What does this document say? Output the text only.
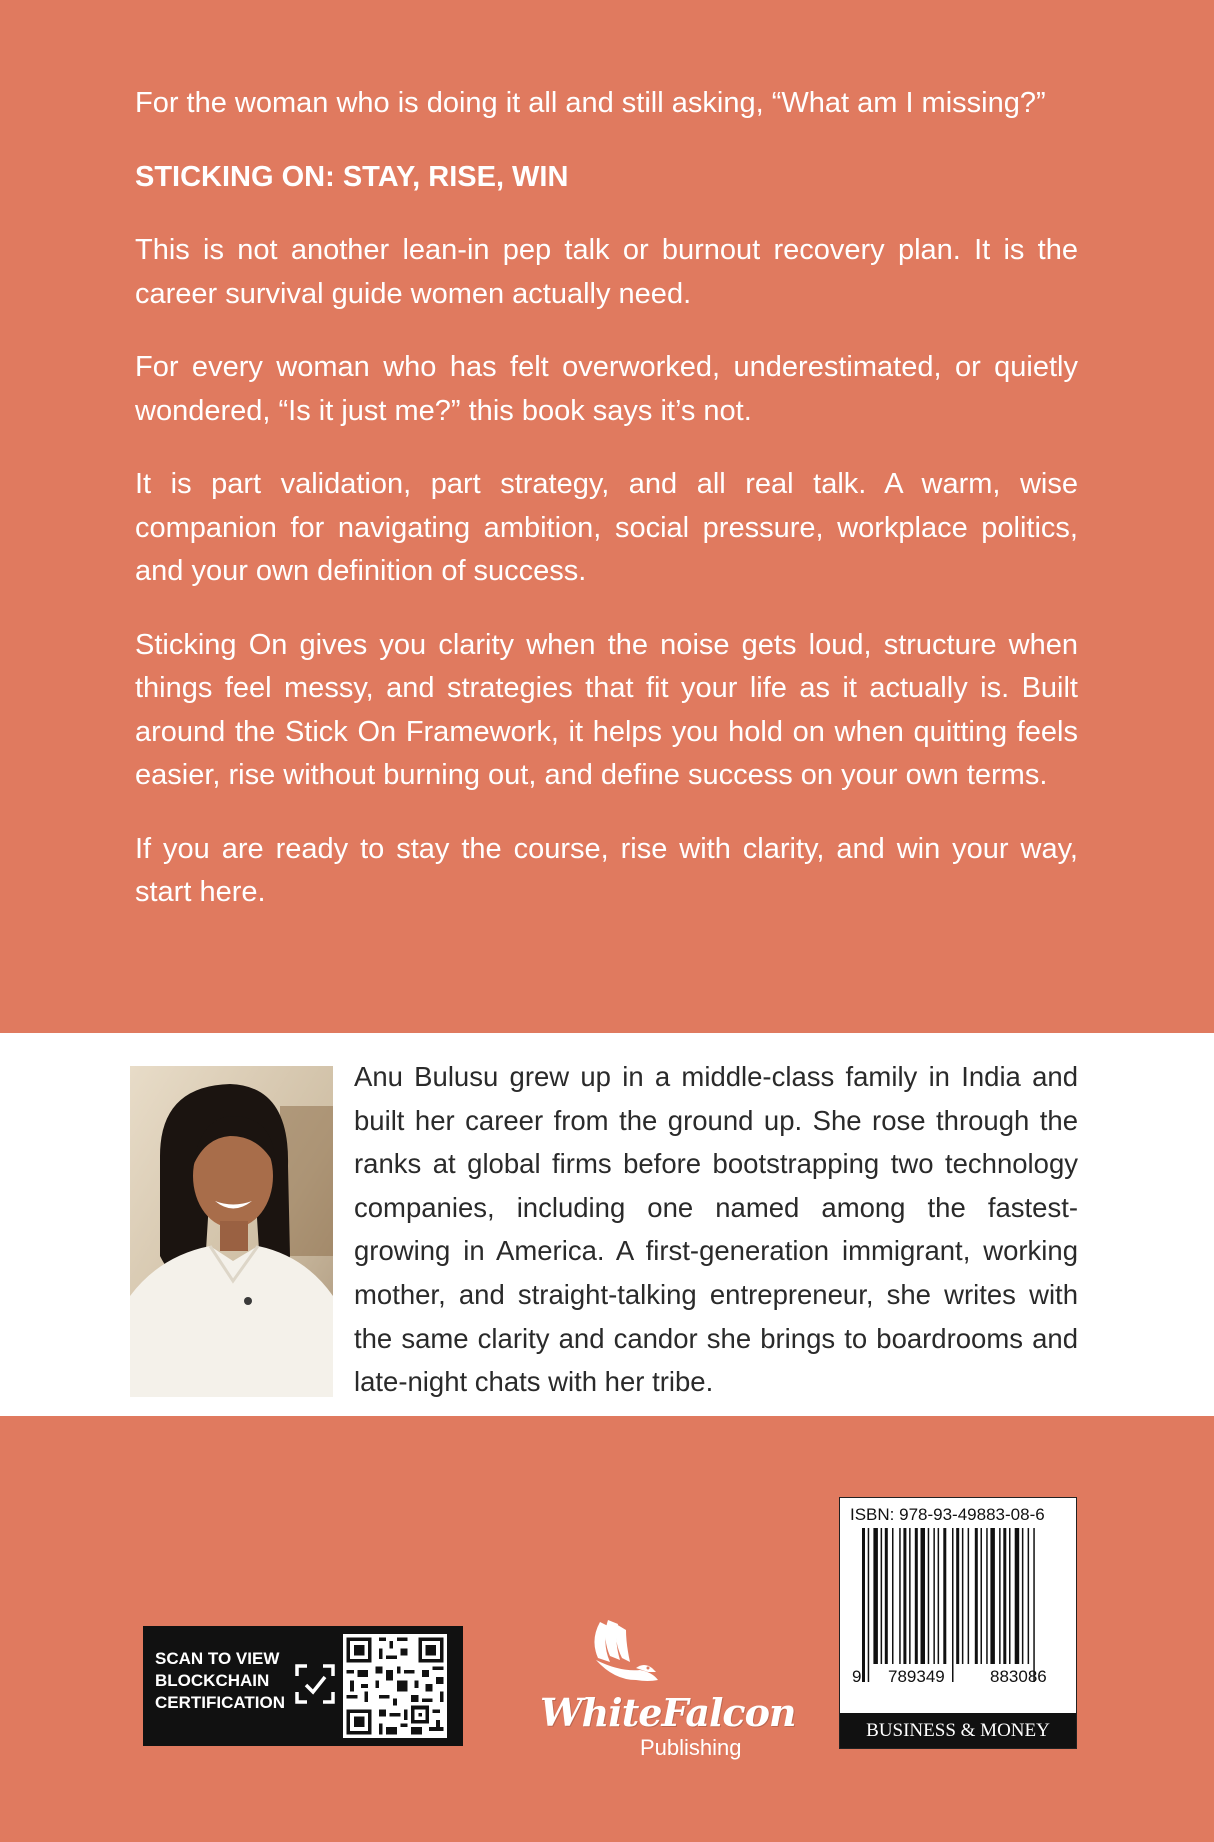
For the woman who is doing it all and still asking, “What am I missing?”

STICKING ON: STAY, RISE, WIN

This is not another lean-in pep talk or burnout recovery plan. It is the career survival guide women actually need.

For every woman who has felt overworked, underestimated, or quietly wondered, “Is it just me?” this book says it’s not.

It is part validation, part strategy, and all real talk. A warm, wise companion for navigating ambition, social pressure, workplace politics, and your own definition of success.

Sticking On gives you clarity when the noise gets loud, structure when things feel messy, and strategies that fit your life as it actually is. Built around the Stick On Framework, it helps you hold on when quitting feels easier, rise without burning out, and define success on your own terms.

If you are ready to stay the course, rise with clarity, and win your way, start here.

Anu Bulusu grew up in a middle-class family in India and built her career from the ground up. She rose through the ranks at global firms before bootstrapping two technology companies, including one named among the fastest-growing in America. A first-generation immigrant, working mother, and straight-talking entrepreneur, she writes with the same clarity and candor she brings to boardrooms and late-night chats with her tribe.

SCAN TO VIEW
BLOCKCHAIN
CERTIFICATION	WhiteFalcon
Publishing
ISBN: 978-93-49883-08-6
9 789349	883086
BUSINESS & MONEY
